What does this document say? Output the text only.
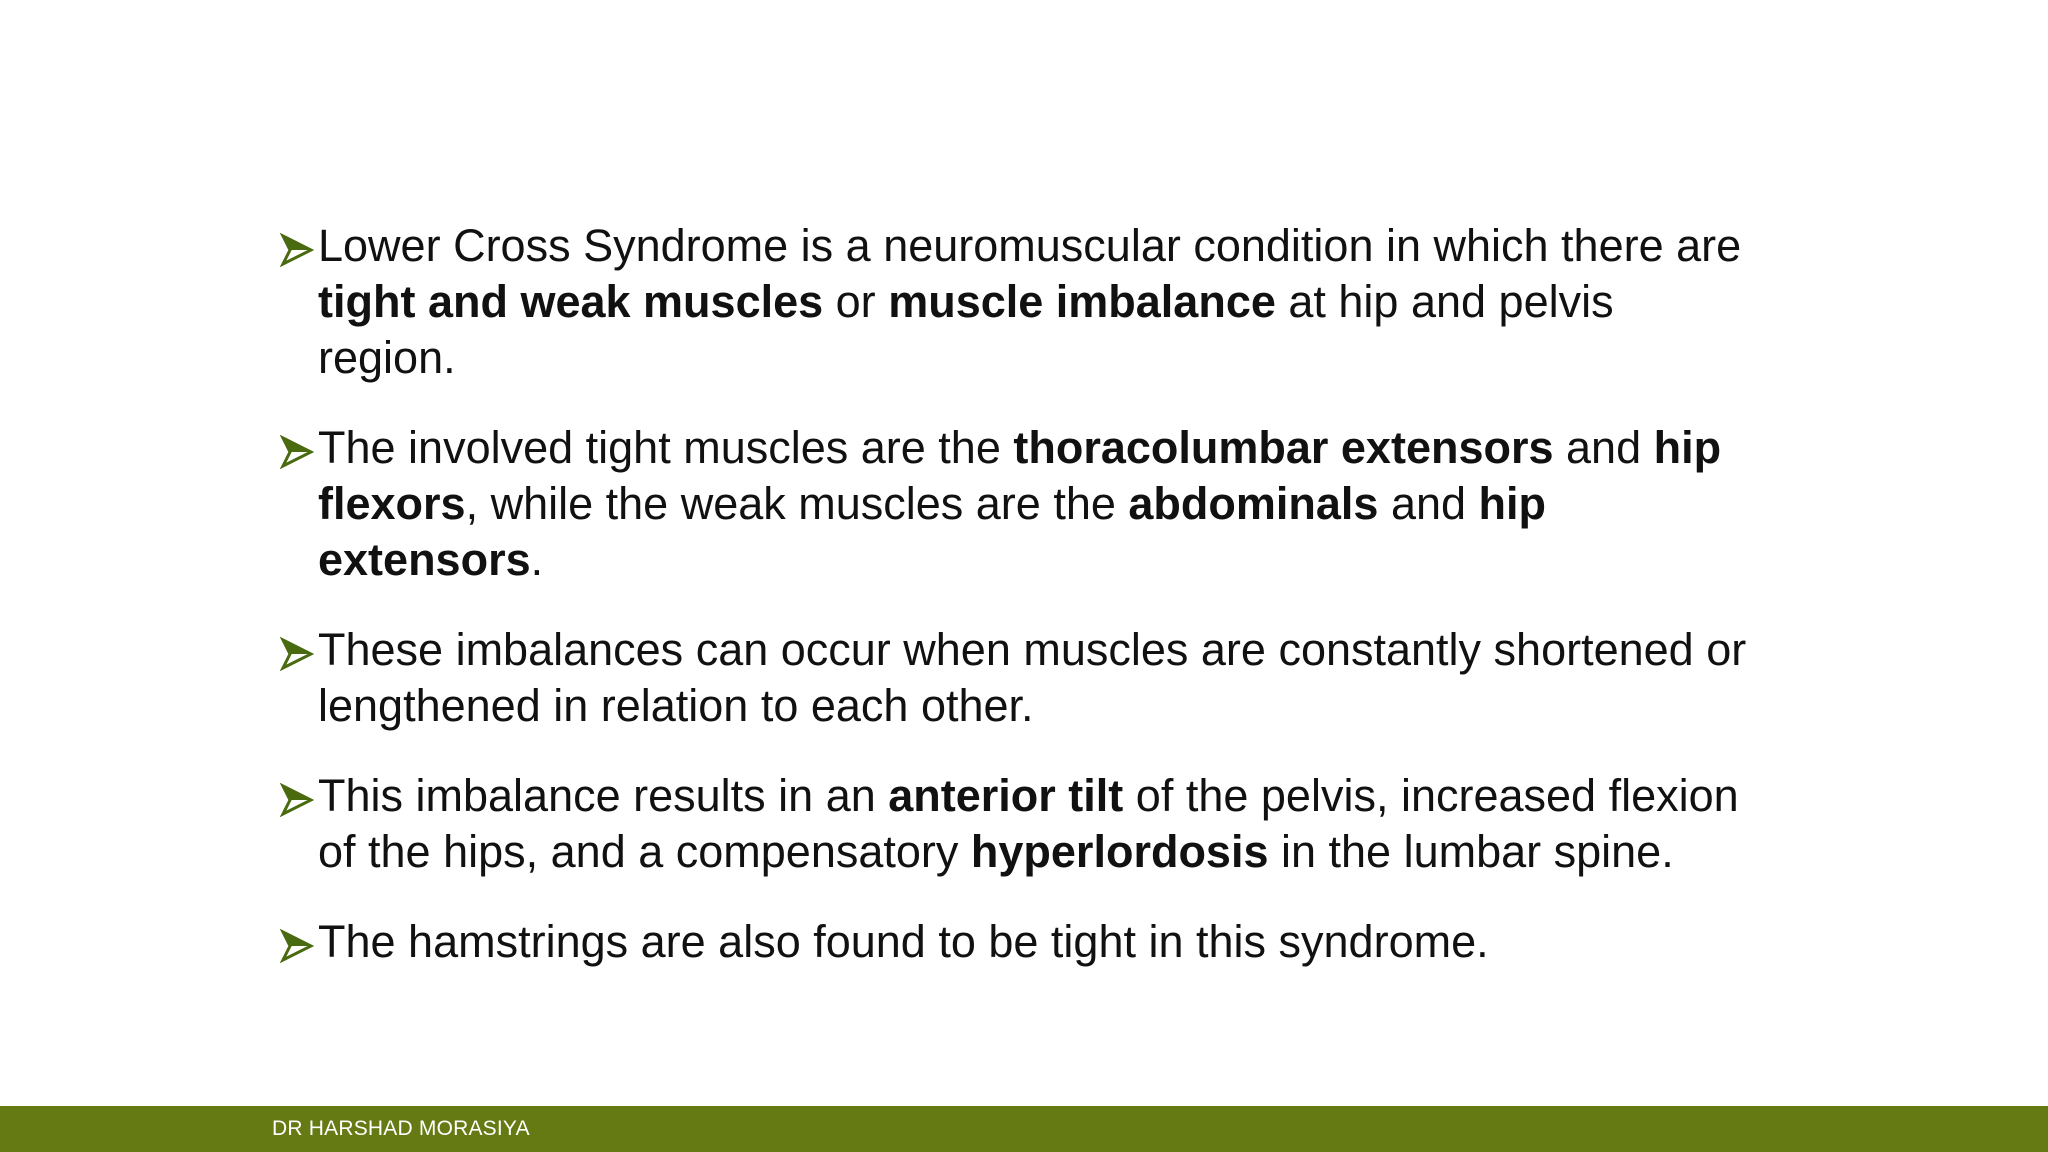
Lower Cross Syndrome is a neuromuscular condition in which there are tight and weak muscles or muscle imbalance at hip and pelvis region.
The involved tight muscles are the thoracolumbar extensors and hip flexors, while the weak muscles are the abdominals and hip extensors.
These imbalances can occur when muscles are constantly shortened or lengthened in relation to each other.
This imbalance results in an anterior tilt of the pelvis, increased flexion of the hips, and a compensatory hyperlordosis in the lumbar spine.
The hamstrings are also found to be tight in this syndrome.
DR HARSHAD MORASIYA
